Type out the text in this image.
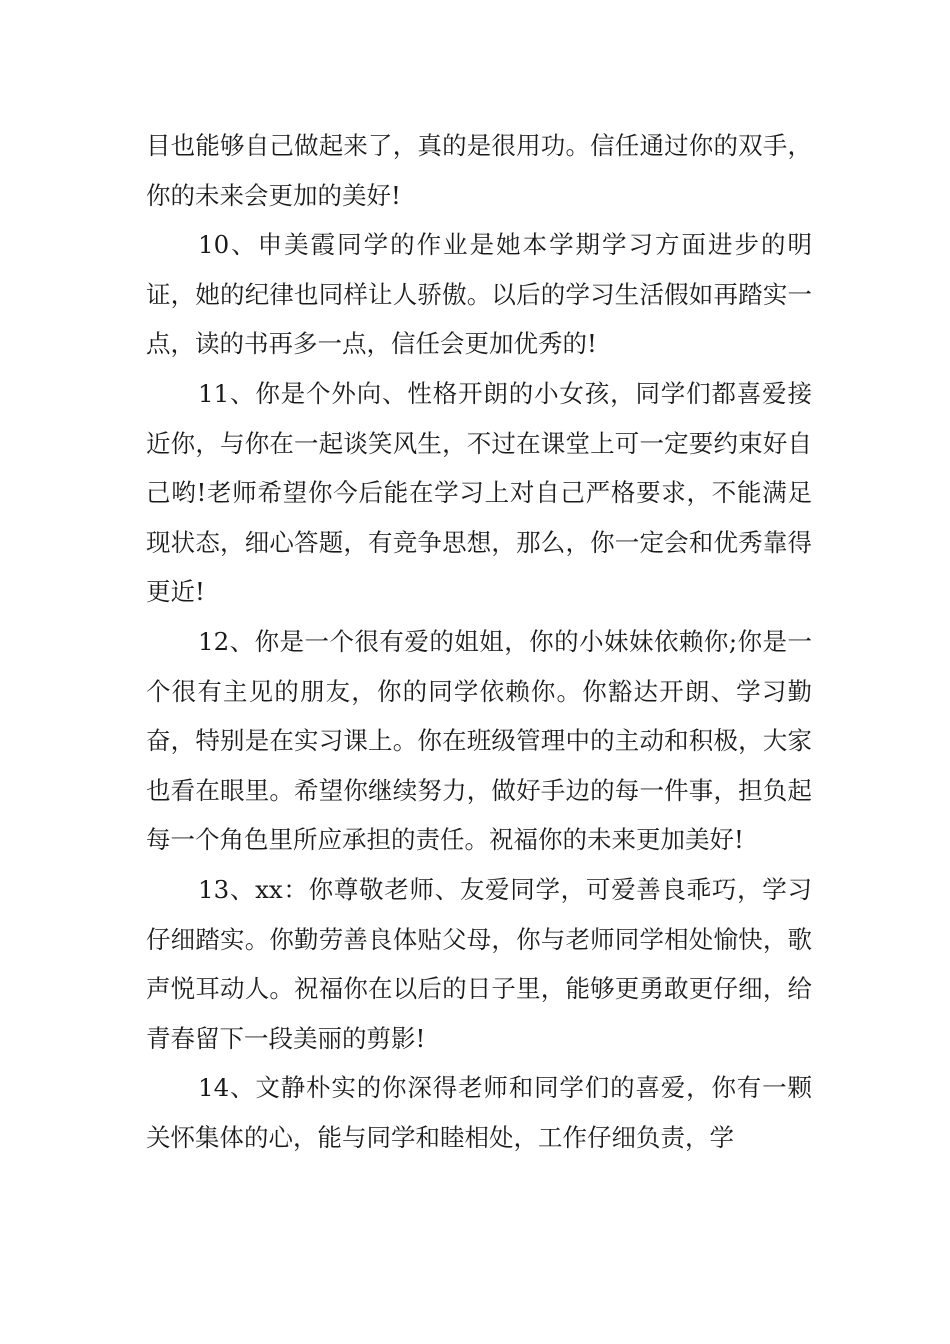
目也能够自己做起来了，真的是很用功。信任通过你的双手，你的未来会更加的美好!

10、申美霞同学的作业是她本学期学习方面进步的明证，她的纪律也同样让人骄傲。以后的学习生活假如再踏实一点，读的书再多一点，信任会更加优秀的!

11、你是个外向、性格开朗的小女孩，同学们都喜爱接近你，与你在一起谈笑风生，不过在课堂上可一定要约束好自己哟!老师希望你今后能在学习上对自己严格要求，不能满足现状态，细心答题，有竞争思想，那么，你一定会和优秀靠得更近!

12、你是一个很有爱的姐姐，你的小妹妹依赖你;你是一个很有主见的朋友，你的同学依赖你。你豁达开朗、学习勤奋，特别是在实习课上。你在班级管理中的主动和积极，大家也看在眼里。希望你继续努力，做好手边的每一件事，担负起每一个角色里所应承担的责任。祝福你的未来更加美好!

13、xx：你尊敬老师、友爱同学，可爱善良乖巧，学习仔细踏实。你勤劳善良体贴父母，你与老师同学相处愉快，歌声悦耳动人。祝福你在以后的日子里，能够更勇敢更仔细，给青春留下一段美丽的剪影!

14、文静朴实的你深得老师和同学们的喜爱，你有一颗关怀集体的心，能与同学和睦相处，工作仔细负责，学
